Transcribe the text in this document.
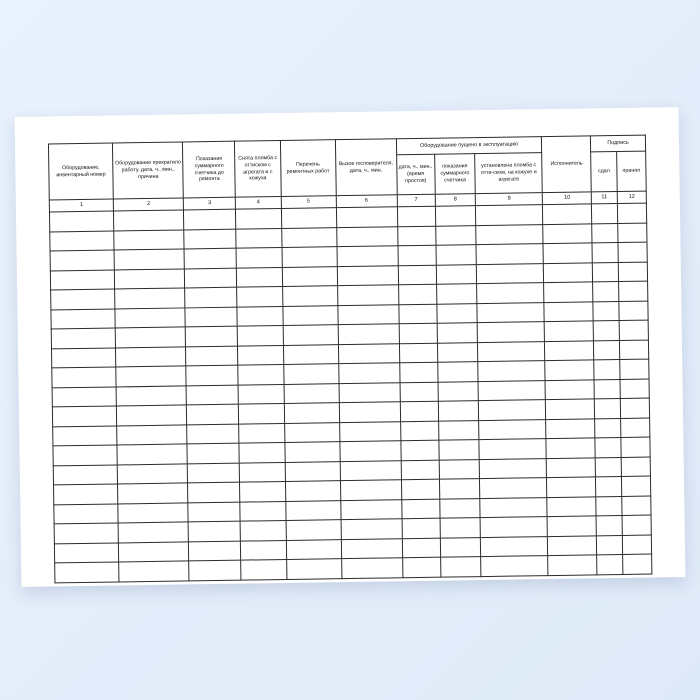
Оборудование, инвентарный номер	Оборудование прекратило работу, дата, ч., мин., причина	Показания суммарного счетчика до ремонта	Снята пломба с оттиском с агрегата и с кожуха	Перечень ремонтных работ	Вызов госповерителя, дата, ч., мин.	Оборудование пущено в эксплуатацию			Исполнитель	Подпись	
						дата, ч., мин., (время простоя)	показания суммарного счетчика	установлена пломба с отти-ском, на кожухе и агрегате		сдал	принял
1	2	3	4	5	6	7	8	9	10	11	12
